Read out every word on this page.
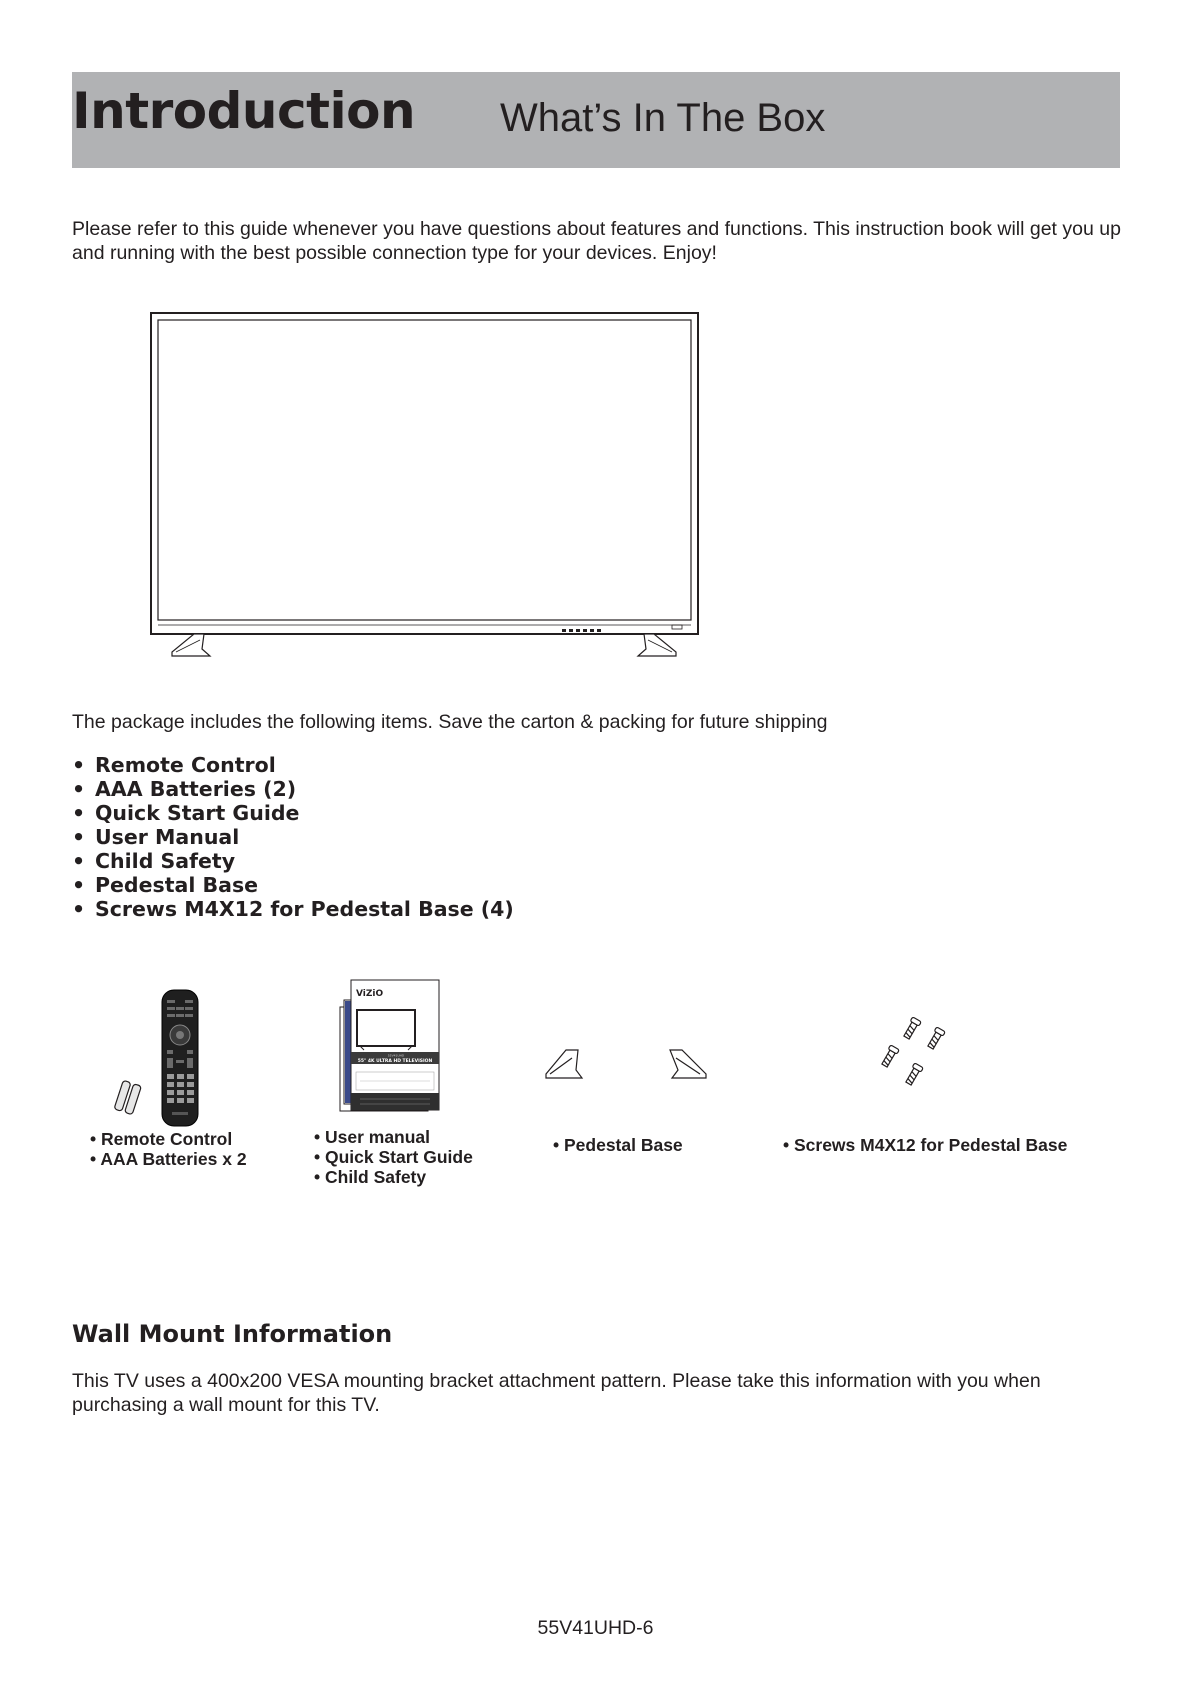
Introduction What’s In The Box
Please refer to this guide whenever you have questions about features and functions. This instruction book will get you up and running with the best possible connection type for your devices. Enjoy!
The package includes the following items. Save the carton & packing for future shipping
• Remote Control
• AAA Batteries (2)
• Quick Start Guide
• User Manual
• Child Safety
• Pedestal Base
• Screws M4X12 for Pedestal Base (4)
ViZiO
55V41UHD
55" 4K ULTRA HD TELEVISION
• Remote Control
• AAA Batteries x 2
• User manual
• Quick Start Guide
• Child Safety
• Pedestal Base	• Screws M4X12 for Pedestal Base
Wall Mount Information
This TV uses a 400x200 VESA mounting bracket attachment pattern. Please take this information with you when purchasing a wall mount for this TV.
55V41UHD-6
